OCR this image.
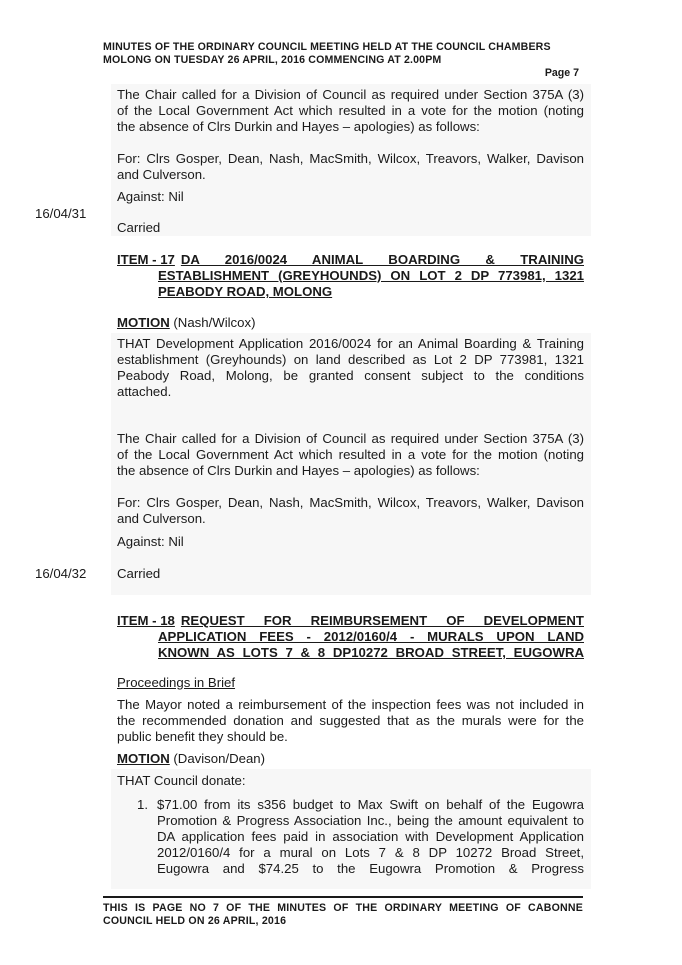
MINUTES OF THE ORDINARY COUNCIL MEETING HELD AT THE COUNCIL CHAMBERS
MOLONG ON TUESDAY 26 APRIL, 2016 COMMENCING AT 2.00PM
Page 7
The Chair called for a Division of Council as required under Section 375A (3)
of the Local Government Act which resulted in a vote for the motion (noting
the absence of Clrs Durkin and Hayes – apologies) as follows:
For: Clrs Gosper, Dean, Nash, MacSmith, Wilcox, Treavors, Walker, Davison
and Culverson.
Against: Nil
16/04/31
Carried
ITEM - 17 DA 2016/0024 ANIMAL BOARDING & TRAINING
ESTABLISHMENT (GREYHOUNDS) ON LOT 2 DP 773981, 1321
PEABODY ROAD, MOLONG
MOTION (Nash/Wilcox)
THAT Development Application 2016/0024 for an Animal Boarding & Training
establishment (Greyhounds) on land described as Lot 2 DP 773981, 1321
Peabody Road, Molong, be granted consent subject to the conditions
attached.
The Chair called for a Division of Council as required under Section 375A (3)
of the Local Government Act which resulted in a vote for the motion (noting
the absence of Clrs Durkin and Hayes – apologies) as follows:
For: Clrs Gosper, Dean, Nash, MacSmith, Wilcox, Treavors, Walker, Davison
and Culverson.
Against: Nil
16/04/32 Carried
ITEM - 18 REQUEST FOR REIMBURSEMENT OF DEVELOPMENT
APPLICATION FEES - 2012/0160/4 - MURALS UPON LAND
KNOWN AS LOTS 7 & 8 DP10272 BROAD STREET, EUGOWRA
Proceedings in Brief
The Mayor noted a reimbursement of the inspection fees was not included in
the recommended donation and suggested that as the murals were for the
public benefit they should be.
MOTION (Davison/Dean)
THAT Council donate:
1. $71.00 from its s356 budget to Max Swift on behalf of the Eugowra
Promotion & Progress Association Inc., being the amount equivalent to
DA application fees paid in association with Development Application
2012/0160/4 for a mural on Lots 7 & 8 DP 10272 Broad Street,
Eugowra and $74.25 to the Eugowra Promotion & Progress
THIS IS PAGE NO 7 OF THE MINUTES OF THE ORDINARY MEETING OF CABONNE
COUNCIL HELD ON 26 APRIL, 2016
